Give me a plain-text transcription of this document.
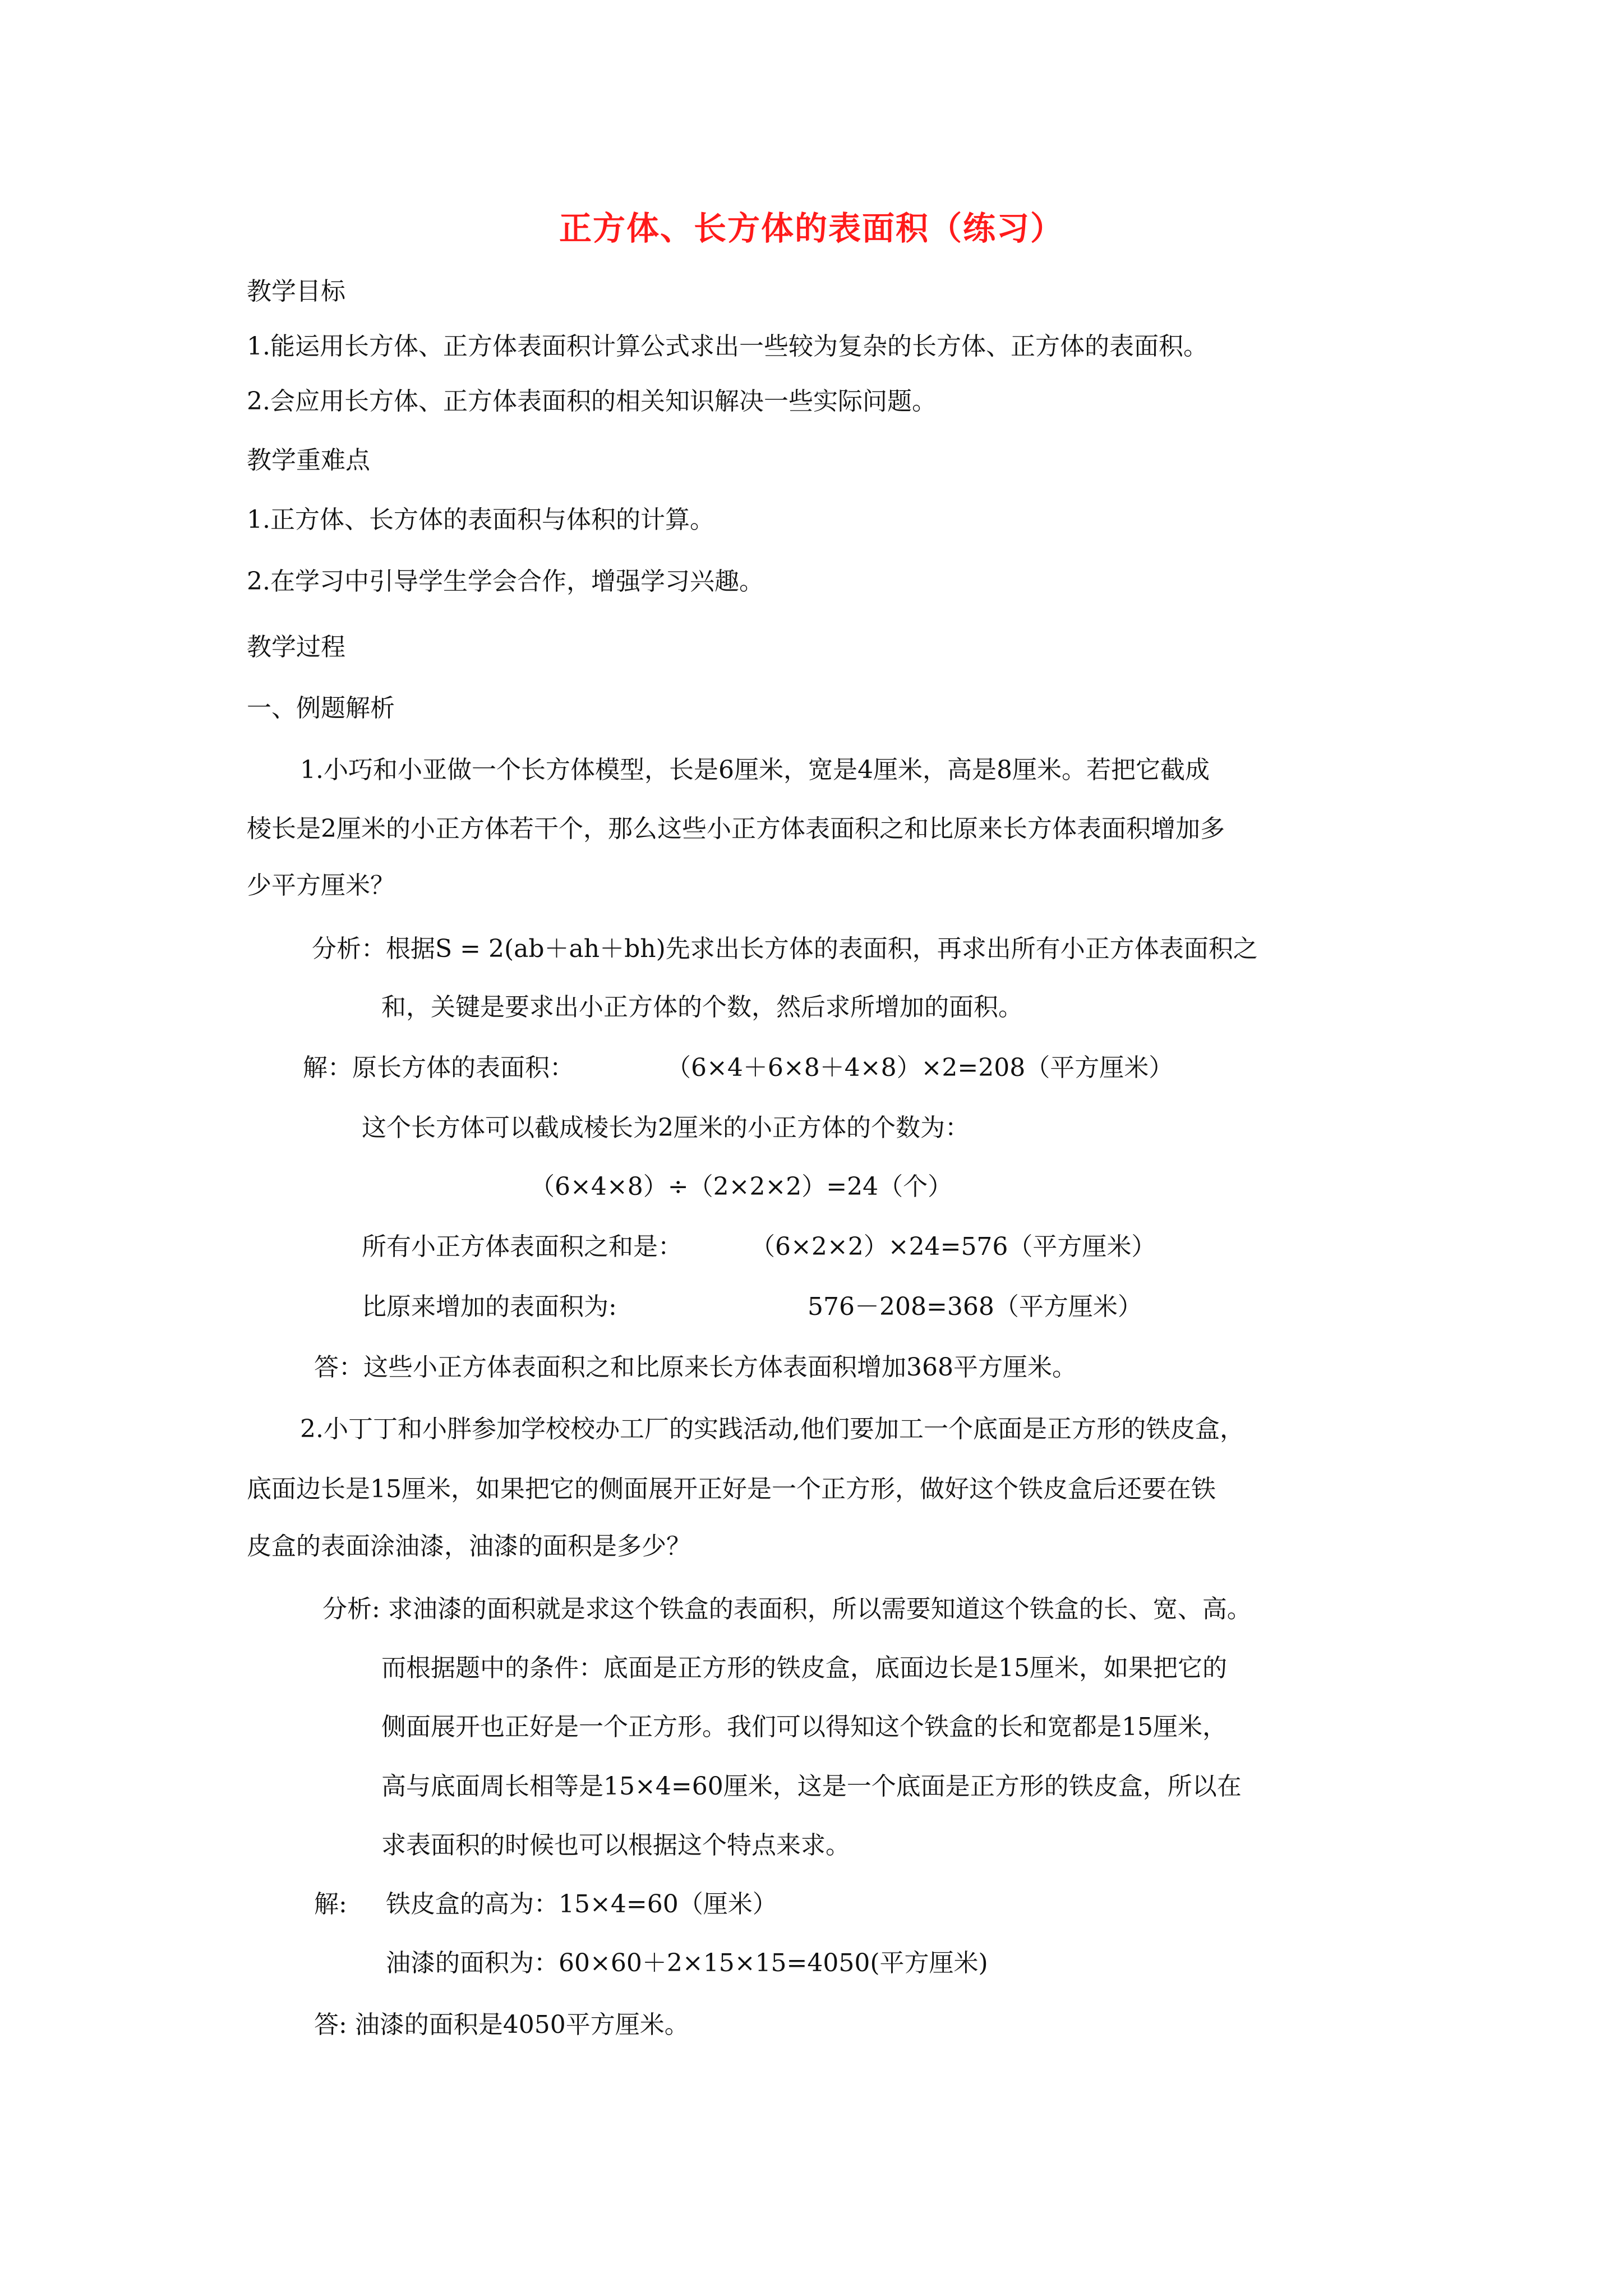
正方体、长方体的表面积（练习）
教学目标
1.能运用长方体、正方体表面积计算公式求出一些较为复杂的长方体、正方体的表面积。
2.会应用长方体、正方体表面积的相关知识解决一些实际问题。
教学重难点
1.正方体、长方体的表面积与体积的计算。
2.在学习中引导学生学会合作，增强学习兴趣。
教学过程
一、例题解析
1.小巧和小亚做一个长方体模型，长是6厘米，宽是4厘米，高是8厘米。若把它截成
棱长是2厘米的小正方体若干个，那么这些小正方体表面积之和比原来长方体表面积增加多
少平方厘米？
分析：根据S = 2(ab＋ah＋bh)先求出长方体的表面积，再求出所有小正方体表面积之
和，关键是要求出小正方体的个数，然后求所增加的面积。
解：原长方体的表面积：	（6×4＋6×8＋4×8）×2=208（平方厘米）
这个长方体可以截成棱长为2厘米的小正方体的个数为：
（6×4×8）÷（2×2×2）=24（个）
所有小正方体表面积之和是：	（6×2×2）×24=576（平方厘米）
比原来增加的表面积为:	576－208=368（平方厘米）
答：这些小正方体表面积之和比原来长方体表面积增加368平方厘米。
2.小丁丁和小胖参加学校校办工厂的实践活动,他们要加工一个底面是正方形的铁皮盒，
底面边长是15厘米，如果把它的侧面展开正好是一个正方形，做好这个铁皮盒后还要在铁
皮盒的表面涂油漆，油漆的面积是多少？
分析: 求油漆的面积就是求这个铁盒的表面积，所以需要知道这个铁盒的长、宽、高。
而根据题中的条件：底面是正方形的铁皮盒，底面边长是15厘米，如果把它的
侧面展开也正好是一个正方形。我们可以得知这个铁盒的长和宽都是15厘米，
高与底面周长相等是15×4=60厘米，这是一个底面是正方形的铁皮盒，所以在
求表面积的时候也可以根据这个特点来求。
解: 铁皮盒的高为：15×4=60（厘米）
油漆的面积为：60×60＋2×15×15=4050(平方厘米)
答: 油漆的面积是4050平方厘米。
